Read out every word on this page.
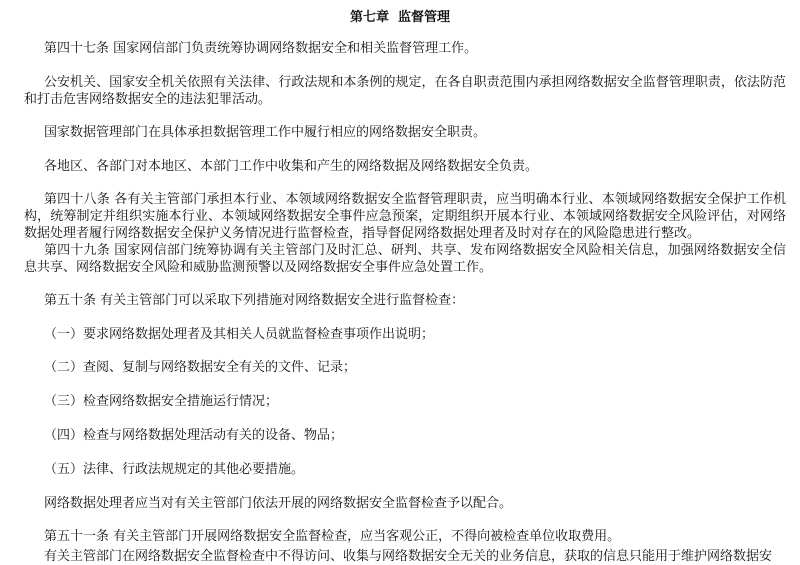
第七章  监督管理

第四十七条 国家网信部门负责统筹协调网络数据安全和相关监督管理工作。

公安机关、国家安全机关依照有关法律、行政法规和本条例的规定，在各自职责范围内承担网络数据安全监督管理职责，依法防范和打击危害网络数据安全的违法犯罪活动。

国家数据管理部门在具体承担数据管理工作中履行相应的网络数据安全职责。

各地区、各部门对本地区、本部门工作中收集和产生的网络数据及网络数据安全负责。

第四十八条 各有关主管部门承担本行业、本领域网络数据安全监督管理职责，应当明确本行业、本领域网络数据安全保护工作机构，统筹制定并组织实施本行业、本领域网络数据安全事件应急预案，定期组织开展本行业、本领域网络数据安全风险评估，对网络数据处理者履行网络数据安全保护义务情况进行监督检查，指导督促网络数据处理者及时对存在的风险隐患进行整改。

第四十九条 国家网信部门统筹协调有关主管部门及时汇总、研判、共享、发布网络数据安全风险相关信息，加强网络数据安全信息共享、网络数据安全风险和威胁监测预警以及网络数据安全事件应急处置工作。

第五十条 有关主管部门可以采取下列措施对网络数据安全进行监督检查：

（一）要求网络数据处理者及其相关人员就监督检查事项作出说明；

（二）查阅、复制与网络数据安全有关的文件、记录；

（三）检查网络数据安全措施运行情况；

（四）检查与网络数据处理活动有关的设备、物品；

（五）法律、行政法规规定的其他必要措施。

网络数据处理者应当对有关主管部门依法开展的网络数据安全监督检查予以配合。

第五十一条 有关主管部门开展网络数据安全监督检查，应当客观公正，不得向被检查单位收取费用。

有关主管部门在网络数据安全监督检查中不得访问、收集与网络数据安全无关的业务信息，获取的信息只能用于维护网络数据安
